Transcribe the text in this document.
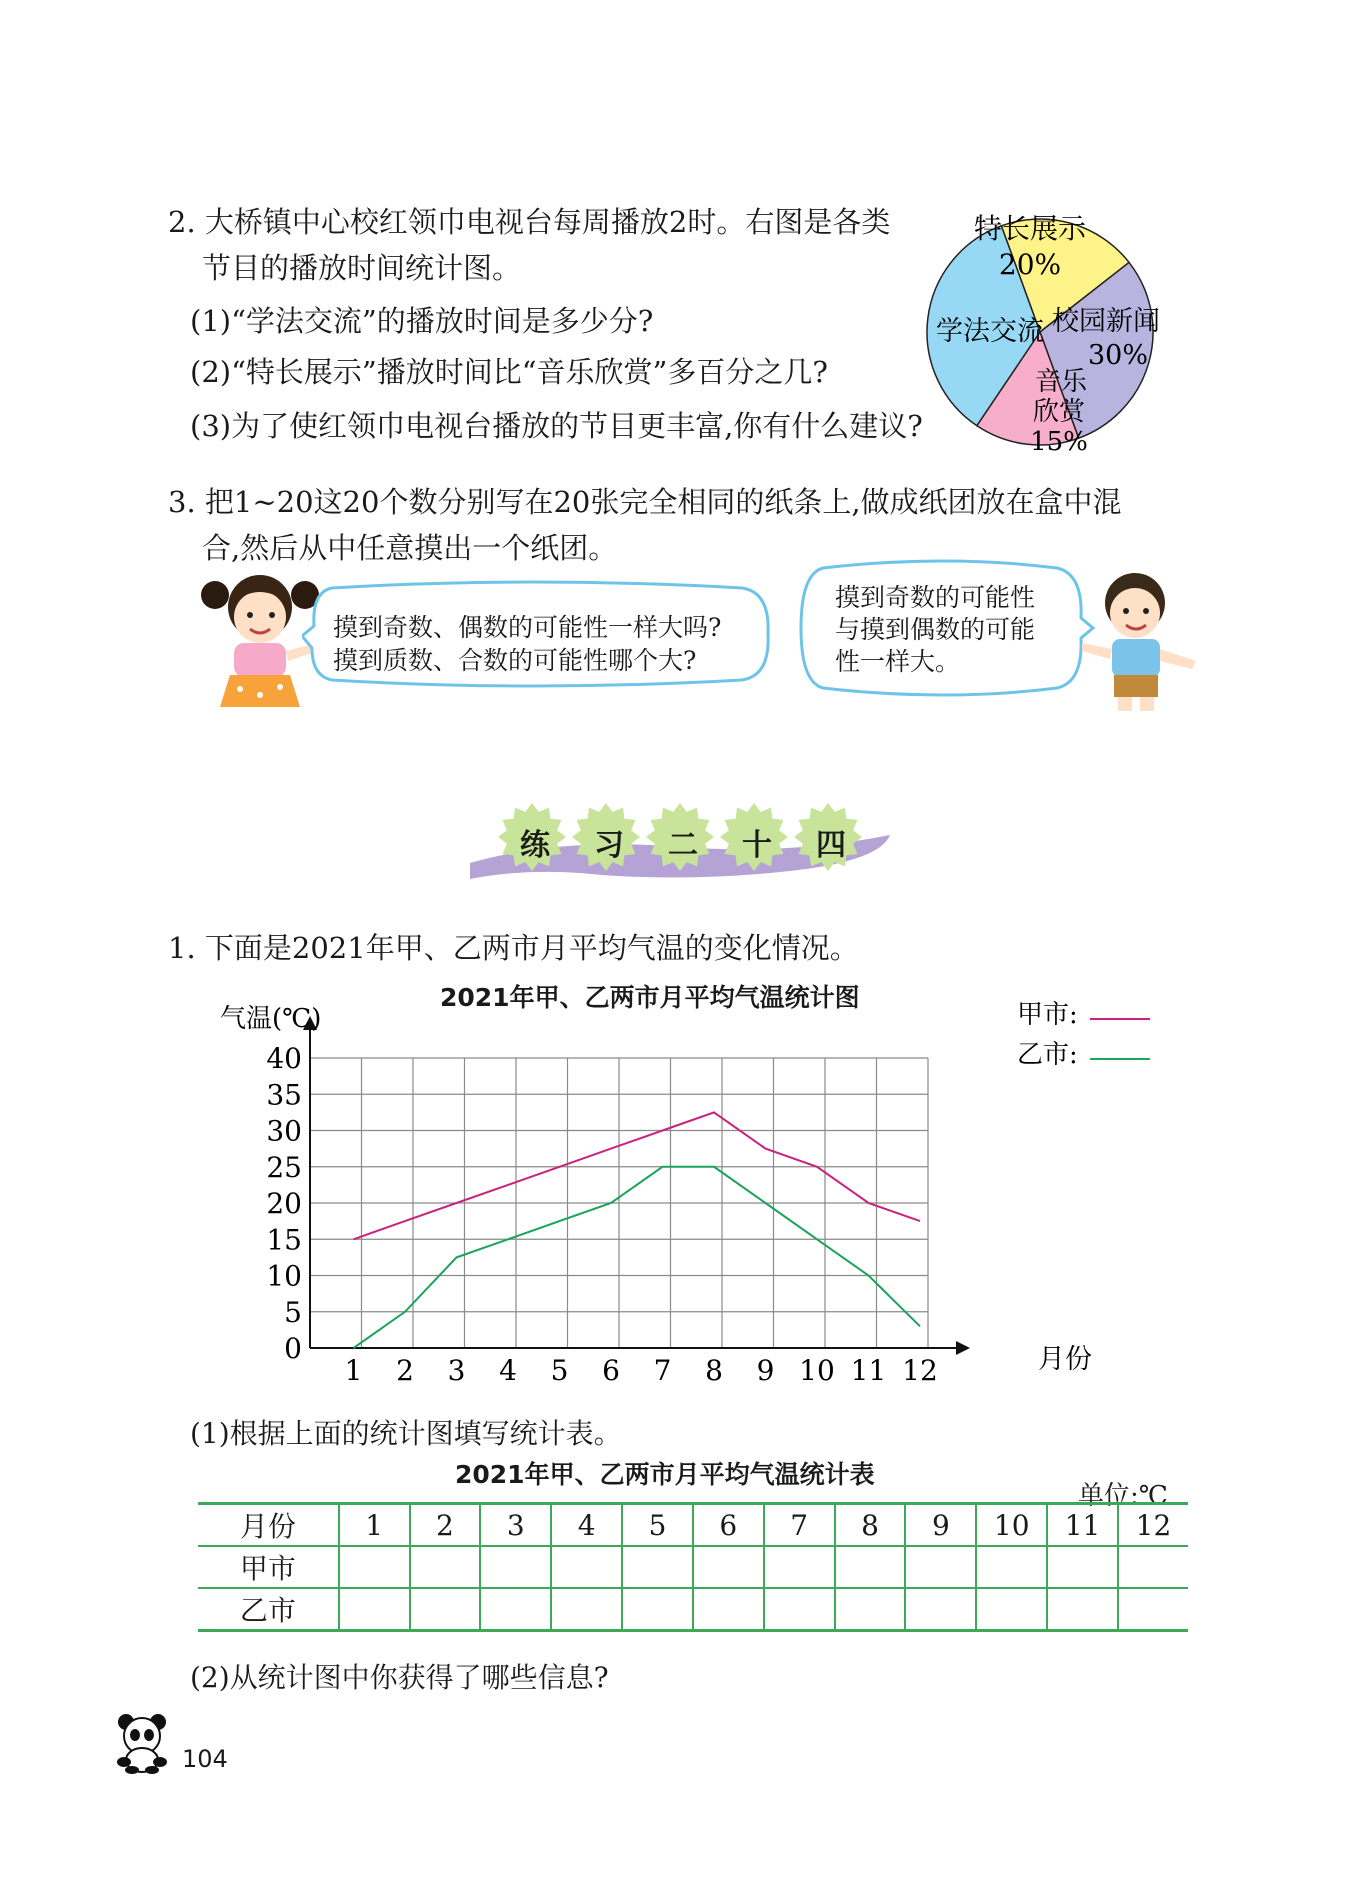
2. 大桥镇中心校红领巾电视台每周播放2时。右图是各类
节目的播放时间统计图。
(1)“学法交流”的播放时间是多少分?
(2)“特长展示”播放时间比“音乐欣赏”多百分之几?
(3)为了使红领巾电视台播放的节目更丰富,你有什么建议?
特长展示
20%
校园新闻
30%
音乐
欣赏
15%
学法交流
3. 把1~20这20个数分别写在20张完全相同的纸条上,做成纸团放在盒中混
合,然后从中任意摸出一个纸团。
摸到奇数、偶数的可能性一样大吗?
摸到质数、合数的可能性哪个大?
摸到奇数的可能性
与摸到偶数的可能
性一样大。
练 习 二 十 四
1. 下面是2021年甲、乙两市月平均气温的变化情况。
2021年甲、乙两市月平均气温统计图
0
5
10
15
20
25
30
35
40
1 2 3 4 5 6 7 8 9 10 11 12
气温(℃)
月份
甲市:
乙市:
(1)根据上面的统计图填写统计表。
2021年甲、乙两市月平均气温统计表
单位:℃
月份	1	2	3	4	5	6	7	8	9	10	11	12
甲市												
乙市												
(2)从统计图中你获得了哪些信息?
104
